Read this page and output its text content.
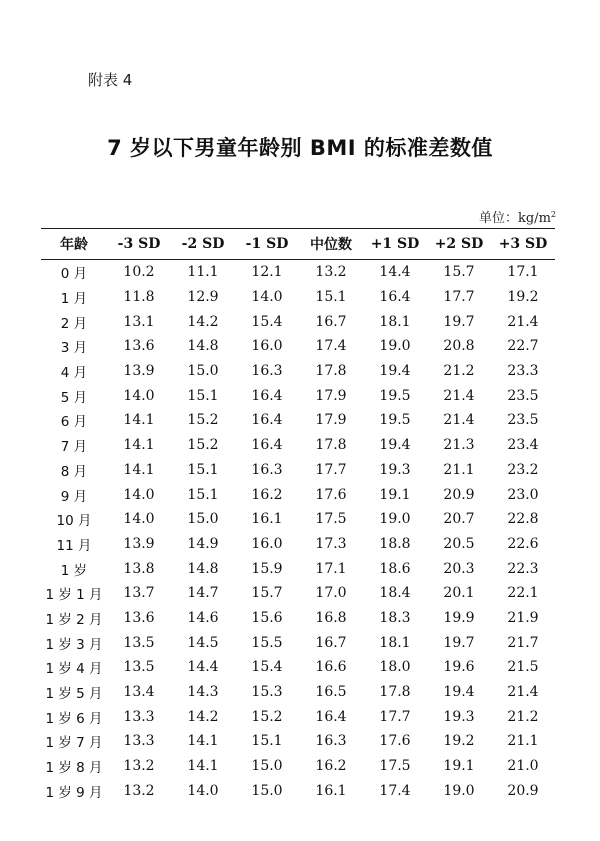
附表 4
7 岁以下男童年龄别 BMI 的标准差数值
单位：$kg/m^2$
年龄	-3 SD	-2 SD	-1 SD	中位数	+1 SD	+2 SD	+3 SD
0 月	10.2	11.1	12.1	13.2	14.4	15.7	17.1
1 月	11.8	12.9	14.0	15.1	16.4	17.7	19.2
2 月	13.1	14.2	15.4	16.7	18.1	19.7	21.4
3 月	13.6	14.8	16.0	17.4	19.0	20.8	22.7
4 月	13.9	15.0	16.3	17.8	19.4	21.2	23.3
5 月	14.0	15.1	16.4	17.9	19.5	21.4	23.5
6 月	14.1	15.2	16.4	17.9	19.5	21.4	23.5
7 月	14.1	15.2	16.4	17.8	19.4	21.3	23.4
8 月	14.1	15.1	16.3	17.7	19.3	21.1	23.2
9 月	14.0	15.1	16.2	17.6	19.1	20.9	23.0
10 月	14.0	15.0	16.1	17.5	19.0	20.7	22.8
11 月	13.9	14.9	16.0	17.3	18.8	20.5	22.6
1 岁	13.8	14.8	15.9	17.1	18.6	20.3	22.3
1 岁 1 月	13.7	14.7	15.7	17.0	18.4	20.1	22.1
1 岁 2 月	13.6	14.6	15.6	16.8	18.3	19.9	21.9
1 岁 3 月	13.5	14.5	15.5	16.7	18.1	19.7	21.7
1 岁 4 月	13.5	14.4	15.4	16.6	18.0	19.6	21.5
1 岁 5 月	13.4	14.3	15.3	16.5	17.8	19.4	21.4
1 岁 6 月	13.3	14.2	15.2	16.4	17.7	19.3	21.2
1 岁 7 月	13.3	14.1	15.1	16.3	17.6	19.2	21.1
1 岁 8 月	13.2	14.1	15.0	16.2	17.5	19.1	21.0
1 岁 9 月	13.2	14.0	15.0	16.1	17.4	19.0	20.9
